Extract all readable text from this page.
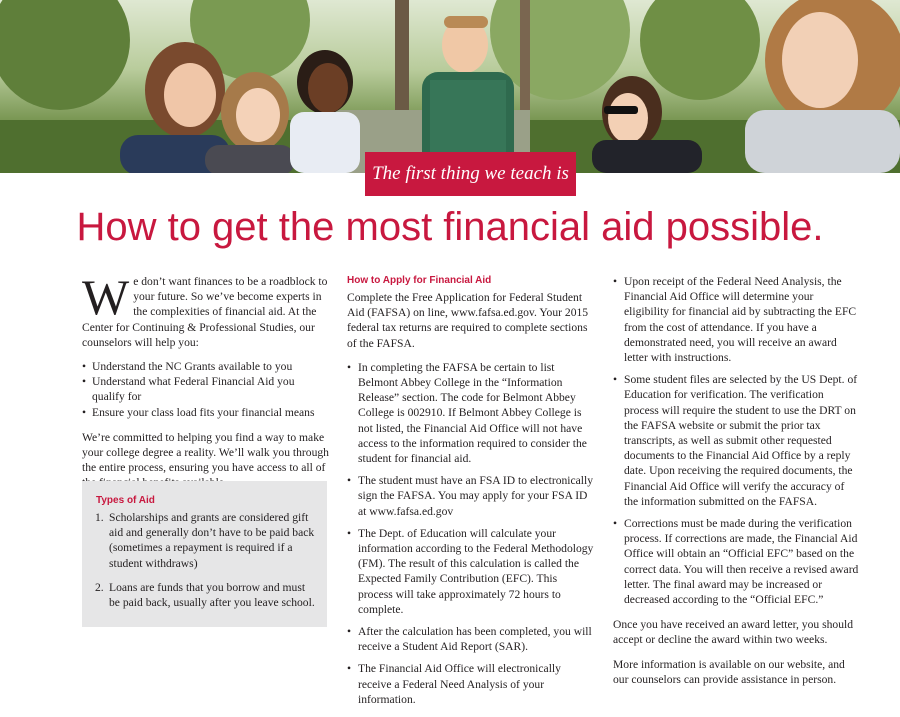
The first thing we teach is
How to get the most financial aid possible.

We don’t want finances to be a roadblock to your future. So we’ve become experts in the complexities of financial aid. At the Center for Continuing & Professional Studies, our counselors will help you:

• Understand the NC Grants available to you
• Understand what Federal Financial Aid you qualify for
• Ensure your class load fits your financial means

We’re committed to helping you find a way to make your college degree a reality. We’ll walk you through the entire process, ensuring you have access to all of

Types of Aid
1. Scholarships and grants are considered gift aid and generally don’t have to be paid back (sometimes a repayment is required if a student withdraws)
2. Loans are funds that you borrow and must be paid back, usually after you leave school.
How to Apply for Financial Aid

Complete the Free Application for Federal Student Aid (FAFSA) on line, www.fafsa.ed.gov. Your 2015 federal tax returns are required to complete sections of the FAFSA.

• In completing the FAFSA be certain to list Belmont Abbey College in the “Information Release” section. The code for Belmont Abbey College is 002910. If Belmont Abbey College is not listed, the Financial Aid Office will not have access to the information required to consider the student for financial aid.
• The student must have an FSA ID to electronically sign the FAFSA. You may apply for your FSA ID at www.fafsa.ed.gov
• The Dept. of Education will calculate your information according to the Federal Methodology (FM). The result of this calculation is called the Expected Family Contribution (EFC). This process will take approximately 72 hours to complete.
• After the calculation has been completed, you will receive a Student Aid Report (SAR).
• The Financial Aid Office will electronically receive a Federal Need Analysis of your information.
• Upon receipt of the Federal Need Analysis, the Financial Aid Office will determine your eligibility for financial aid by subtracting the EFC from the cost of attendance. If you have a demonstrated need, you will receive an award letter with instructions.
• Some student files are selected by the US Dept. of Education for verification. The verification process will require the student to use the DRT on the FAFSA website or submit the prior tax transcripts, as well as submit other requested documents to the Financial Aid Office by a reply date. Upon receiving the required documents, the Financial Aid Office will verify the accuracy of the information submitted on the FAFSA.
• Corrections must be made during the verification process. If corrections are made, the Financial Aid Office will obtain an “Official EFC” based on the correct data. You will then receive a revised award letter. The final award may be increased or decreased according to the “Official EFC.”

Once you have received an award letter, you should accept or decline the award within two weeks.

More information is available on our website, and our counselors can provide assistance in person.
